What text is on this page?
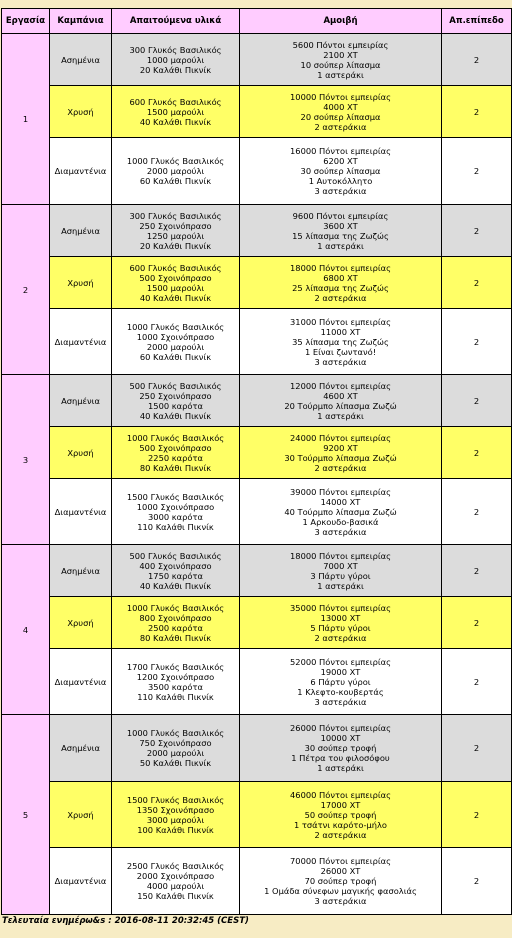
Εργασία	Καμπάνια	Απαιτούμενα υλικά	Αμοιβή	Απ.επίπεδο
1	Ασημένια	300 Γλυκός Βασιλικός
1000 μαρούλι
20 Καλάθι Πικνίκ	5600 Πόντοι εμπειρίας
2100 ΧΤ
10 σούπερ λίπασμα
1 αστεράκι	2
	Χρυσή	600 Γλυκός Βασιλικός
1500 μαρούλι
40 Καλάθι Πικνίκ	10000 Πόντοι εμπειρίας
4000 ΧΤ
20 σούπερ λίπασμα
2 αστεράκια	2
	Διαμαντένια	1000 Γλυκός Βασιλικός
2000 μαρούλι
60 Καλάθι Πικνίκ	16000 Πόντοι εμπειρίας
6200 ΧΤ
30 σούπερ λίπασμα
1 Αυτοκόλλητο
3 αστεράκια	2
2	Ασημένια	300 Γλυκός Βασιλικός
250 Σχοινόπρασο
1250 μαρούλι
20 Καλάθι Πικνίκ	9600 Πόντοι εμπειρίας
3600 ΧΤ
15 λίπασμα της Ζωζώς
1 αστεράκι	2
	Χρυσή	600 Γλυκός Βασιλικός
500 Σχοινόπρασο
1500 μαρούλι
40 Καλάθι Πικνίκ	18000 Πόντοι εμπειρίας
6800 ΧΤ
25 λίπασμα της Ζωζώς
2 αστεράκια	2
	Διαμαντένια	1000 Γλυκός Βασιλικός
1000 Σχοινόπρασο
2000 μαρούλι
60 Καλάθι Πικνίκ	31000 Πόντοι εμπειρίας
11000 ΧΤ
35 λίπασμα της Ζωζώς
1 Είναι ζωντανό!
3 αστεράκια	2
3	Ασημένια	500 Γλυκός Βασιλικός
250 Σχοινόπρασο
1500 καρότα
40 Καλάθι Πικνίκ	12000 Πόντοι εμπειρίας
4600 ΧΤ
20 Τούρμπο λίπασμα Ζωζώ
1 αστεράκι	2
	Χρυσή	1000 Γλυκός Βασιλικός
500 Σχοινόπρασο
2250 καρότα
80 Καλάθι Πικνίκ	24000 Πόντοι εμπειρίας
9200 ΧΤ
30 Τούρμπο λίπασμα Ζωζώ
2 αστεράκια	2
	Διαμαντένια	1500 Γλυκός Βασιλικός
1000 Σχοινόπρασο
3000 καρότα
110 Καλάθι Πικνίκ	39000 Πόντοι εμπειρίας
14000 ΧΤ
40 Τούρμπο λίπασμα Ζωζώ
1 Αρκουδο-βασικά
3 αστεράκια	2
4	Ασημένια	500 Γλυκός Βασιλικός
400 Σχοινόπρασο
1750 καρότα
40 Καλάθι Πικνίκ	18000 Πόντοι εμπειρίας
7000 ΧΤ
3 Πάρτυ γύροι
1 αστεράκι	2
	Χρυσή	1000 Γλυκός Βασιλικός
800 Σχοινόπρασο
2500 καρότα
80 Καλάθι Πικνίκ	35000 Πόντοι εμπειρίας
13000 ΧΤ
5 Πάρτυ γύροι
2 αστεράκια	2
	Διαμαντένια	1700 Γλυκός Βασιλικός
1200 Σχοινόπρασο
3500 καρότα
110 Καλάθι Πικνίκ	52000 Πόντοι εμπειρίας
19000 ΧΤ
6 Πάρτυ γύροι
1 Κλεφτο-κουβερτάς
3 αστεράκια	2
5	Ασημένια	1000 Γλυκός Βασιλικός
750 Σχοινόπρασο
2000 μαρούλι
50 Καλάθι Πικνίκ	26000 Πόντοι εμπειρίας
10000 ΧΤ
30 σούπερ τροφή
1 Πέτρα του φιλοσόφου
1 αστεράκι	2
	Χρυσή	1500 Γλυκός Βασιλικός
1350 Σχοινόπρασο
3000 μαρούλι
100 Καλάθι Πικνίκ	46000 Πόντοι εμπειρίας
17000 ΧΤ
50 σούπερ τροφή
1 τσάτνι καρότο-μήλο
2 αστεράκια	2
	Διαμαντένια	2500 Γλυκός Βασιλικός
2000 Σχοινόπρασο
4000 μαρούλι
150 Καλάθι Πικνίκ	70000 Πόντοι εμπειρίας
26000 ΧΤ
70 σούπερ τροφή
1 Ομάδα σύνεφων μαγικής φασολιάς
3 αστεράκια	2
Τελευταία ενημέρω&s : 2016-08-11 20:32:45 (CEST)
